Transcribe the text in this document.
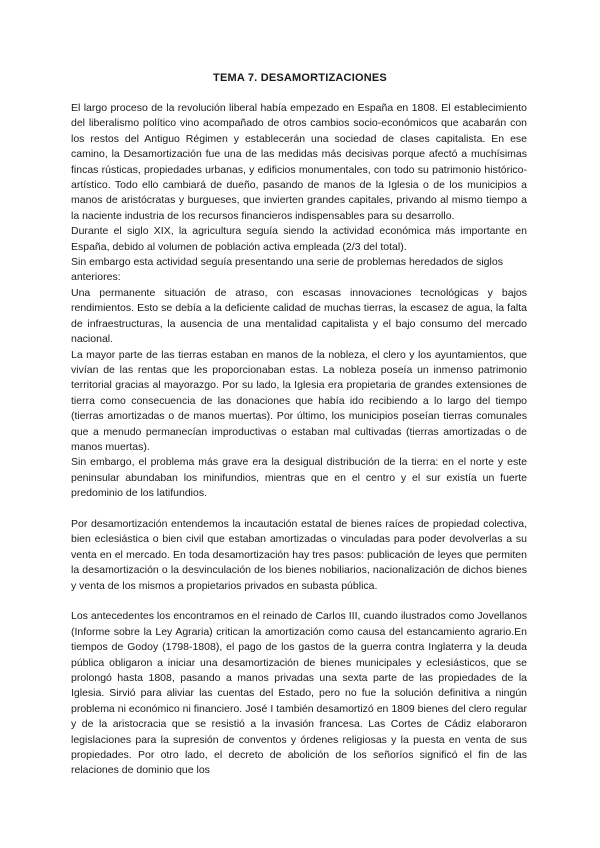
TEMA 7. DESAMORTIZACIONES

El largo proceso de la revolución liberal había empezado en España en 1808. El establecimiento del liberalismo político vino acompañado de otros cambios socio-económicos que acabarán con los restos del Antiguo Régimen y establecerán una sociedad de clases capitalista. En ese camino, la Desamortización fue una de las medidas más decisivas porque afectó a muchísimas fincas rústicas, propiedades urbanas, y edificios monumentales, con todo su patrimonio histórico-artístico. Todo ello cambiará de dueño, pasando de manos de la Iglesia o de los municipios a manos de aristócratas y burgueses, que invierten grandes capitales, privando al mismo tiempo a la naciente industria de los recursos financieros indispensables para su desarrollo.

Durante el siglo XIX, la agricultura seguía siendo la actividad económica más importante en España, debido al volumen de población activa empleada (2/3 del total).

Sin embargo esta actividad seguía presentando una serie de problemas heredados de siglos anteriores:

Una permanente situación de atraso, con escasas innovaciones tecnológicas y bajos rendimientos. Esto se debía a la deficiente calidad de muchas tierras, la escasez de agua, la falta de infraestructuras, la ausencia de una mentalidad capitalista y el bajo consumo del mercado nacional.

La mayor parte de las tierras estaban en manos de la nobleza, el clero y los ayuntamientos, que vivían de las rentas que les proporcionaban estas. La nobleza poseía un inmenso patrimonio territorial gracias al mayorazgo. Por su lado, la Iglesia era propietaria de grandes extensiones de tierra como consecuencia de las donaciones que había ido recibiendo a lo largo del tiempo (tierras amortizadas o de manos muertas). Por último, los municipios poseían tierras comunales que a menudo permanecían improductivas o estaban mal cultivadas (tierras amortizadas o de manos muertas).

Sin embargo, el problema más grave era la desigual distribución de la tierra: en el norte y este peninsular abundaban los minifundios, mientras que en el centro y el sur existía un fuerte predominio de los latifundios.

Por desamortización entendemos la incautación estatal de bienes raíces de propiedad colectiva, bien eclesiástica o bien civil que estaban amortizadas o vinculadas para poder devolverlas a su venta en el mercado. En toda desamortización hay tres pasos: publicación de leyes que permiten la desamortización o la desvinculación de los bienes nobiliarios, nacionalización de dichos bienes y venta de los mismos a propietarios privados en subasta pública.

Los antecedentes los encontramos en el reinado de Carlos III, cuando ilustrados como Jovellanos (Informe sobre la Ley Agraria) critican la amortización como causa del estancamiento agrario.En tiempos de Godoy (1798-1808), el pago de los gastos de la guerra contra Inglaterra y la deuda pública obligaron a iniciar una desamortización de bienes municipales y eclesiásticos, que se prolongó hasta 1808, pasando a manos privadas una sexta parte de las propiedades de la Iglesia. Sirvió para aliviar las cuentas del Estado, pero no fue la solución definitiva a ningún problema ni económico ni financiero. José I también desamortizó en 1809 bienes del clero regular y de la aristocracia que se resistió a la invasión francesa. Las Cortes de Cádiz elaboraron legislaciones para la supresión de conventos y órdenes religiosas y la puesta en venta de sus propiedades. Por otro lado, el decreto de abolición de los señoríos significó el fin de las relaciones de dominio que los
